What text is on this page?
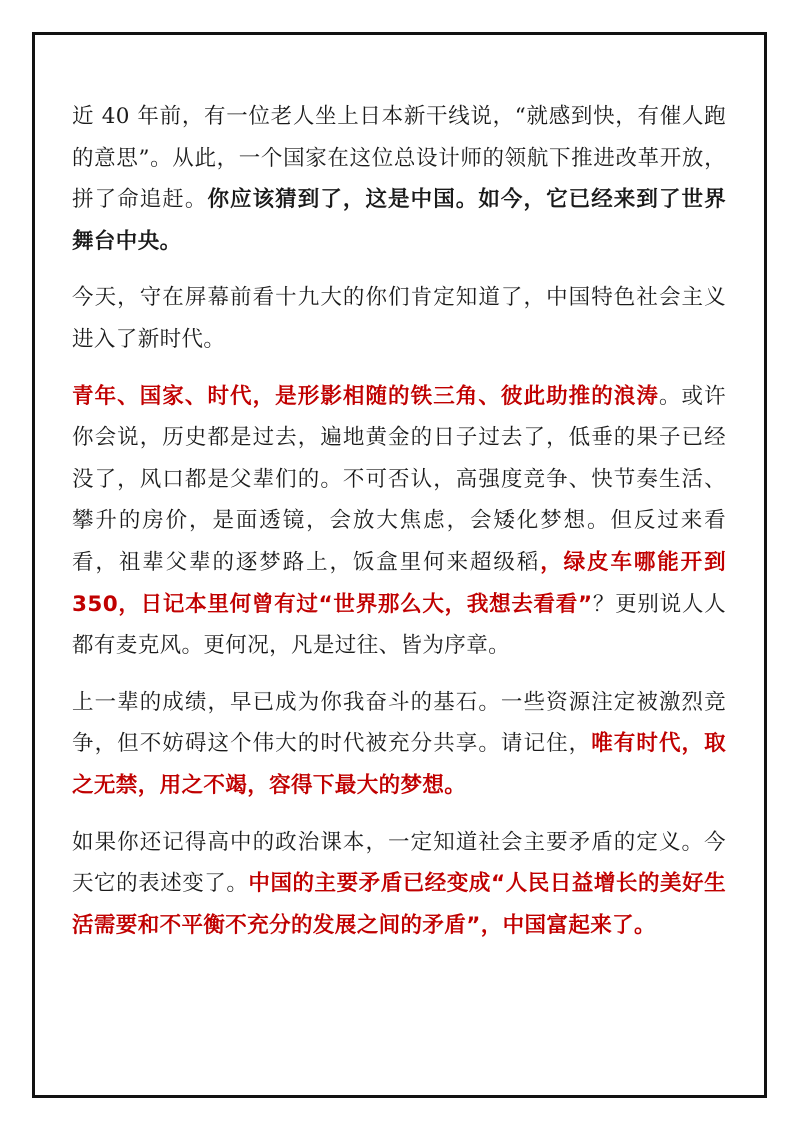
近 40 年前，有一位老人坐上日本新干线说，“就感到快，有催人跑的意思”。从此，一个国家在这位总设计师的领航下推进改革开放，拼了命追赶。你应该猜到了，这是中国。如今，它已经来到了世界舞台中央。

今天，守在屏幕前看十九大的你们肯定知道了，中国特色社会主义进入了新时代。

青年、国家、时代，是形影相随的铁三角、彼此助推的浪涛。或许你会说，历史都是过去，遍地黄金的日子过去了，低垂的果子已经没了，风口都是父辈们的。不可否认，高强度竞争、快节奏生活、攀升的房价，是面透镜，会放大焦虑，会矮化梦想。但反过来看看，祖辈父辈的逐梦路上，饭盒里何来超级稻，绿皮车哪能开到 350，日记本里何曾有过“世界那么大，我想去看看”？更别说人人都有麦克风。更何况，凡是过往、皆为序章。

上一辈的成绩，早已成为你我奋斗的基石。一些资源注定被激烈竞争，但不妨碍这个伟大的时代被充分共享。请记住，唯有时代，取之无禁，用之不竭，容得下最大的梦想。

如果你还记得高中的政治课本，一定知道社会主要矛盾的定义。今天它的表述变了。中国的主要矛盾已经变成“人民日益增长的美好生活需要和不平衡不充分的发展之间的矛盾”，中国富起来了。
